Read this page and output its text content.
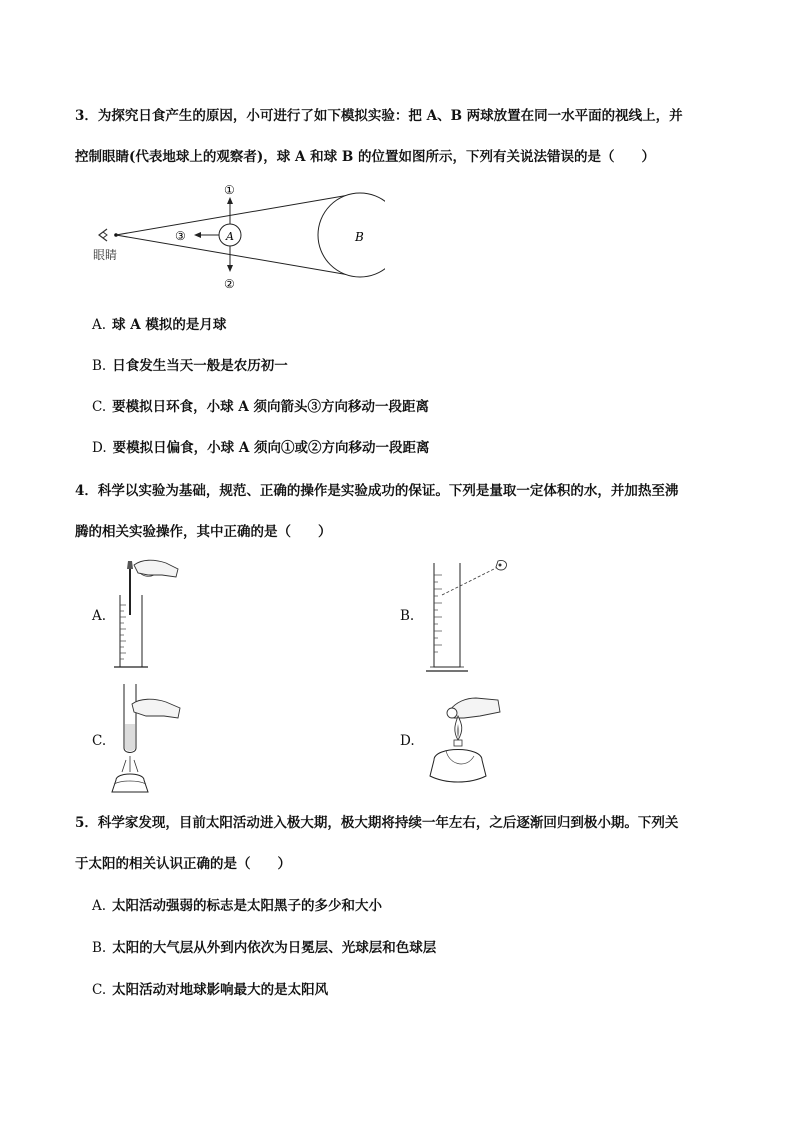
3．为探究日食产生的原因，小可进行了如下模拟实验：把 A、B 两球放置在同一水平面的视线上，并
控制眼睛(代表地球上的观察者)，球 A 和球 B 的位置如图所示，下列有关说法错误的是（　　）
眼睛
A	B
①
②
③
A. 球 A 模拟的是月球
B. 日食发生当天一般是农历初一
C. 要模拟日环食，小球 A 须向箭头③方向移动一段距离
D. 要模拟日偏食，小球 A 须向①或②方向移动一段距离
4．科学以实验为基础，规范、正确的操作是实验成功的保证。下列是量取一定体积的水，并加热至沸
腾的相关实验操作，其中正确的是（　　）
A.	B.
C.	D.
5．科学家发现，目前太阳活动进入极大期，极大期将持续一年左右，之后逐渐回归到极小期。下列关
于太阳的相关认识正确的是（　　）
A. 太阳活动强弱的标志是太阳黑子的多少和大小
B. 太阳的大气层从外到内依次为日冕层、光球层和色球层
C. 太阳活动对地球影响最大的是太阳风
